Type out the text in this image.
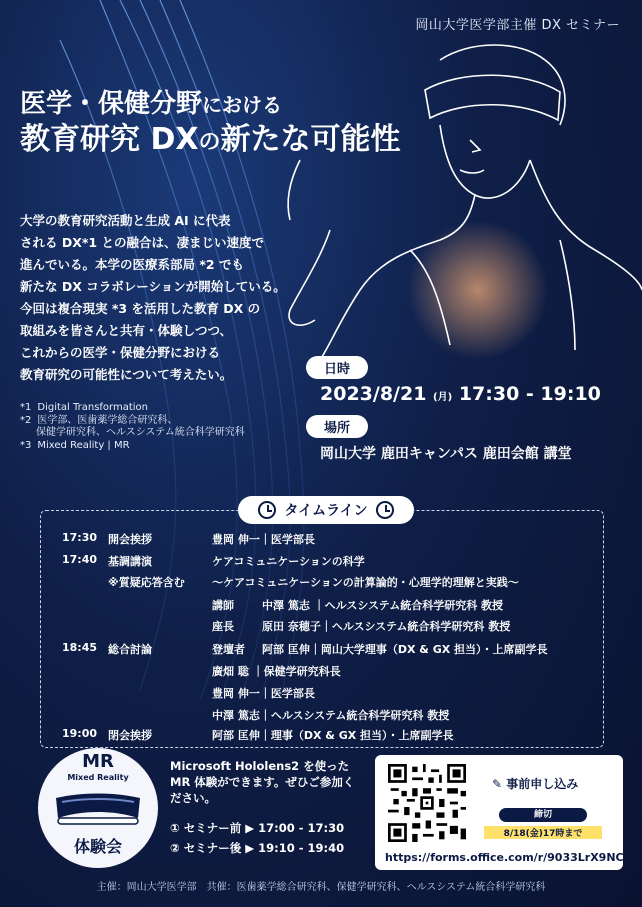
岡山大学医学部主催 DX セミナー
医学・保健分野における
教育研究 DXの新たな可能性
大学の教育研究活動と生成 AI に代表
される DX*1 との融合は、凄まじい速度で
進んでいる。本学の医療系部局 *2 でも
新たな DX コラボレーションが開始している。
今回は複合現実 *3 を活用した教育 DX の
取組みを皆さんと共有・体験しつつ、
これからの医学・保健分野における
教育研究の可能性について考えたい。
*1 Digital Transformation
*2 医学部、医歯薬学総合研究科、
保健学研究科、ヘルスシステム統合科学研究科
*3 Mixed Reality | MR
日時
2023/8/21 (月) 17:30 - 19:10
場所
岡山大学 鹿田キャンパス 鹿田会館 講堂
タイムライン
17:30 開会挨拶	豊岡 伸一｜医学部長
17:40 基調講演	ケアコミュニケーションの科学
※質疑応答含む 〜ケアコミュニケーションの計算論的・心理学的理解と実践〜
講師	中澤 篤志 ｜ヘルスシステム統合科学研究科 教授
座長	原田 奈穂子｜ヘルスシステム統合科学研究科 教授
18:45 総合討論	登壇者 阿部 匡伸｜岡山大学理事（DX & GX 担当）・上席副学長
廣畑 聡 ｜保健学研究科長
豊岡 伸一｜医学部長
中澤 篤志｜ヘルスシステム統合科学研究科 教授
19:00 閉会挨拶	阿部 匡伸｜理事（DX & GX 担当）・上席副学長
MR
Mixed Reality
体験会
Microsoft Hololens2 を使った MR 体験ができます。ぜひご参加ください。
① セミナー前 ▶ 17:00 - 17:30
② セミナー後 ▶ 19:10 - 19:40
✎ 事前申し込み
締切
8/18(金)17時まで
https://forms.office.com/r/9033LrX9NC
主催：岡山大学医学部　共催：医歯薬学総合研究科、保健学研究科、ヘルスシステム統合科学研究科
